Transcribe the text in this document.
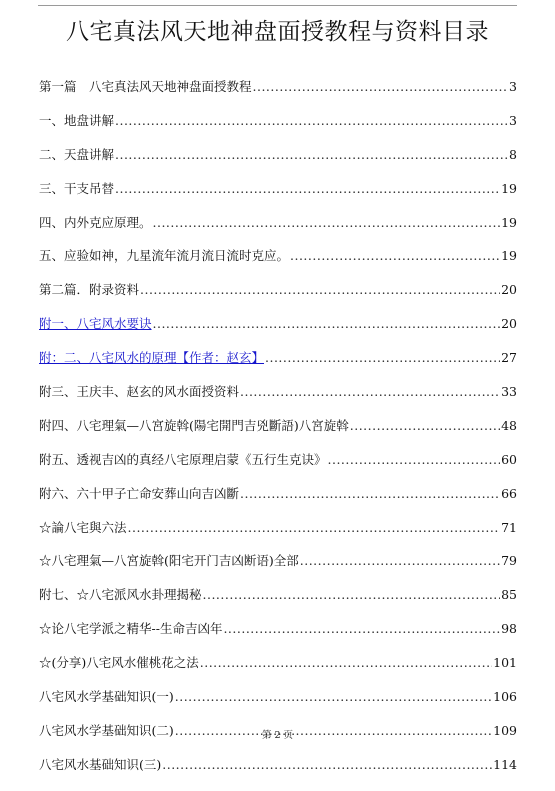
八宅真法风天地神盘面授教程与资料目录
第一篇　八宅真法风天地神盘面授教程 .....	3
一、地盘讲解 .....	3
二、天盘讲解 .....	8
三、干支吊替 .....	19
四、内外克应原理。 .....	19
五、应验如神，九星流年流月流日流时克应。 .....	19
第二篇．附录资料 .....	20
附一、八宅风水要诀 .....	20
附：二、八宅风水的原理【作者：赵玄】 .....	27
附三、王庆丰、赵玄的风水面授资料 .....	33
附四、八宅理氣—八宮旋斡(陽宅開門吉兇斷語)八宮旋斡 .....	48
附五、透视吉凶的真经八宅原理启蒙《五行生克诀》 .....	60
附六、六十甲子亡命安葬山向吉凶斷 .....	66
☆論八宅與六法 .....	71
☆八宅理氣—八宮旋斡(阳宅开门吉凶断语)全部 .....	79
附七、☆八宅派风水卦理揭秘 .....	85
☆论八宅学派之精华--生命吉凶年 .....	98
☆(分享)八宅风水催桃花之法 .....	101
八宅风水学基础知识(一) .....	106
八宅风水学基础知识(二) .....	109
八宅风水基础知识(三) .....	114
第 2 页
